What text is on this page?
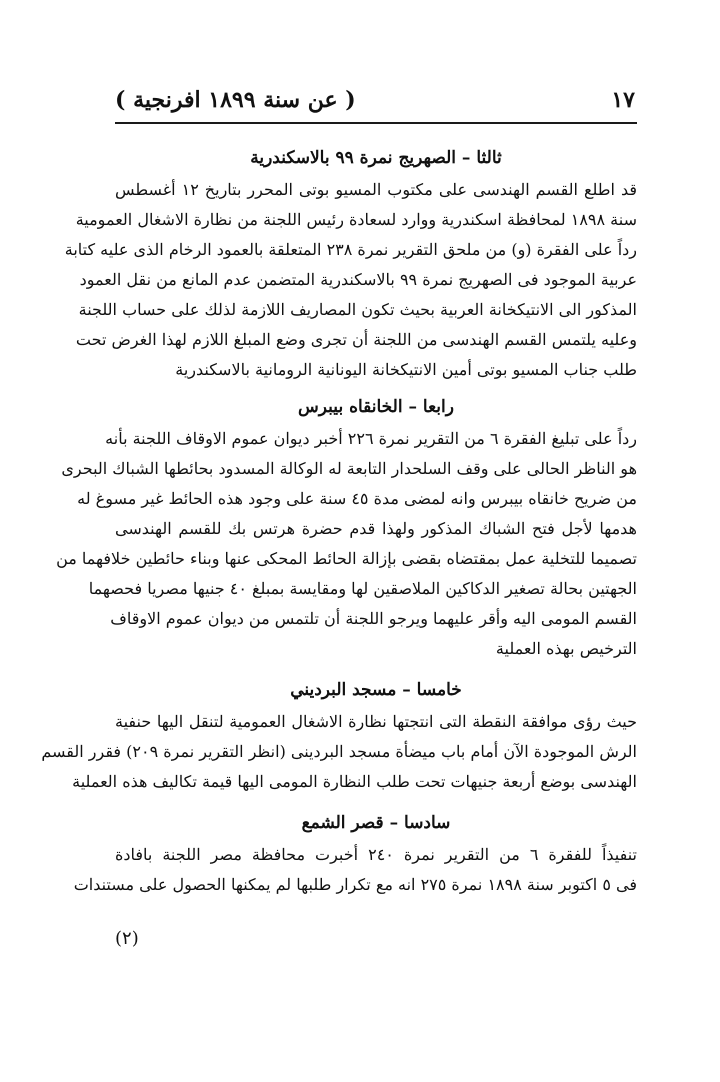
١٧
( عن سنة ١٨٩٩ افرنجية )
ثالثا – الصهريج نمرة ٩٩ بالاسكندرية
قد اطلع القسم الهندسى على مكتوب المسيو بوتى المحرر بتاريخ ١٢ أغسطس
سنة ١٨٩٨ لمحافظة اسكندرية ووارد لسعادة رئيس اللجنة من نظارة الاشغال العمومية
رداً على الفقرة (و) من ملحق التقرير نمرة ٢٣٨ المتعلقة بالعمود الرخام الذى عليه كتابة
عربية الموجود فى الصهريج نمرة ٩٩ بالاسكندرية المتضمن عدم المانع من نقل العمود
المذكور الى الانتيكخانة العربية بحيث تكون المصاريف اللازمة لذلك على حساب اللجنة
وعليه يلتمس القسم الهندسى من اللجنة أن تجرى وضع المبلغ اللازم لهذا الغرض تحت
طلب جناب المسيو بوتى أمين الانتيكخانة اليونانية الرومانية بالاسكندرية
رابعا – الخانقاه بيبرس
رداً على تبليغ الفقرة ٦ من التقرير نمرة ٢٢٦ أخبر ديوان عموم الاوقاف اللجنة بأنه
هو الناظر الحالى على وقف السلحدار التابعة له الوكالة المسدود بحائطها الشباك البحرى
من ضريح خانقاه بيبرس وانه لمضى مدة ٤٥ سنة على وجود هذه الحائط غير مسوغ له
هدمها لأجل فتح الشباك المذكور ولهذا قدم حضرة هرتس بك للقسم الهندسى
تصميما للتخلية عمل بمقتضاه بقضى بإزالة الحائط المحكى عنها وبناء حائطين خلافهما من
الجهتين بحالة تصغير الدكاكين الملاصقين لها ومقايسة بمبلغ ٤٠ جنيها مصريا فحصهما
القسم المومى اليه وأقر عليهما ويرجو اللجنة أن تلتمس من ديوان عموم الاوقاف
الترخيص بهذه العملية
خامسا – مسجد البرديني
حيث رؤى موافقة النقطة التى انتجتها نظارة الاشغال العمومية لتنقل اليها حنفية
الرش الموجودة الآن أمام باب ميضأة مسجد البردينى (انظر التقرير نمرة ٢٠٩) فقرر القسم
الهندسى بوضع أربعة جنيهات تحت طلب النظارة المومى اليها قيمة تكاليف هذه العملية
سادسا – قصر الشمع
تنفيذاً للفقرة ٦ من التقرير نمرة ٢٤٠ أخبرت محافظة مصر اللجنة بافادة
فى ٥ اكتوبر سنة ١٨٩٨ نمرة ٢٧٥ انه مع تكرار طلبها لم يمكنها الحصول على مستندات
(٢)
